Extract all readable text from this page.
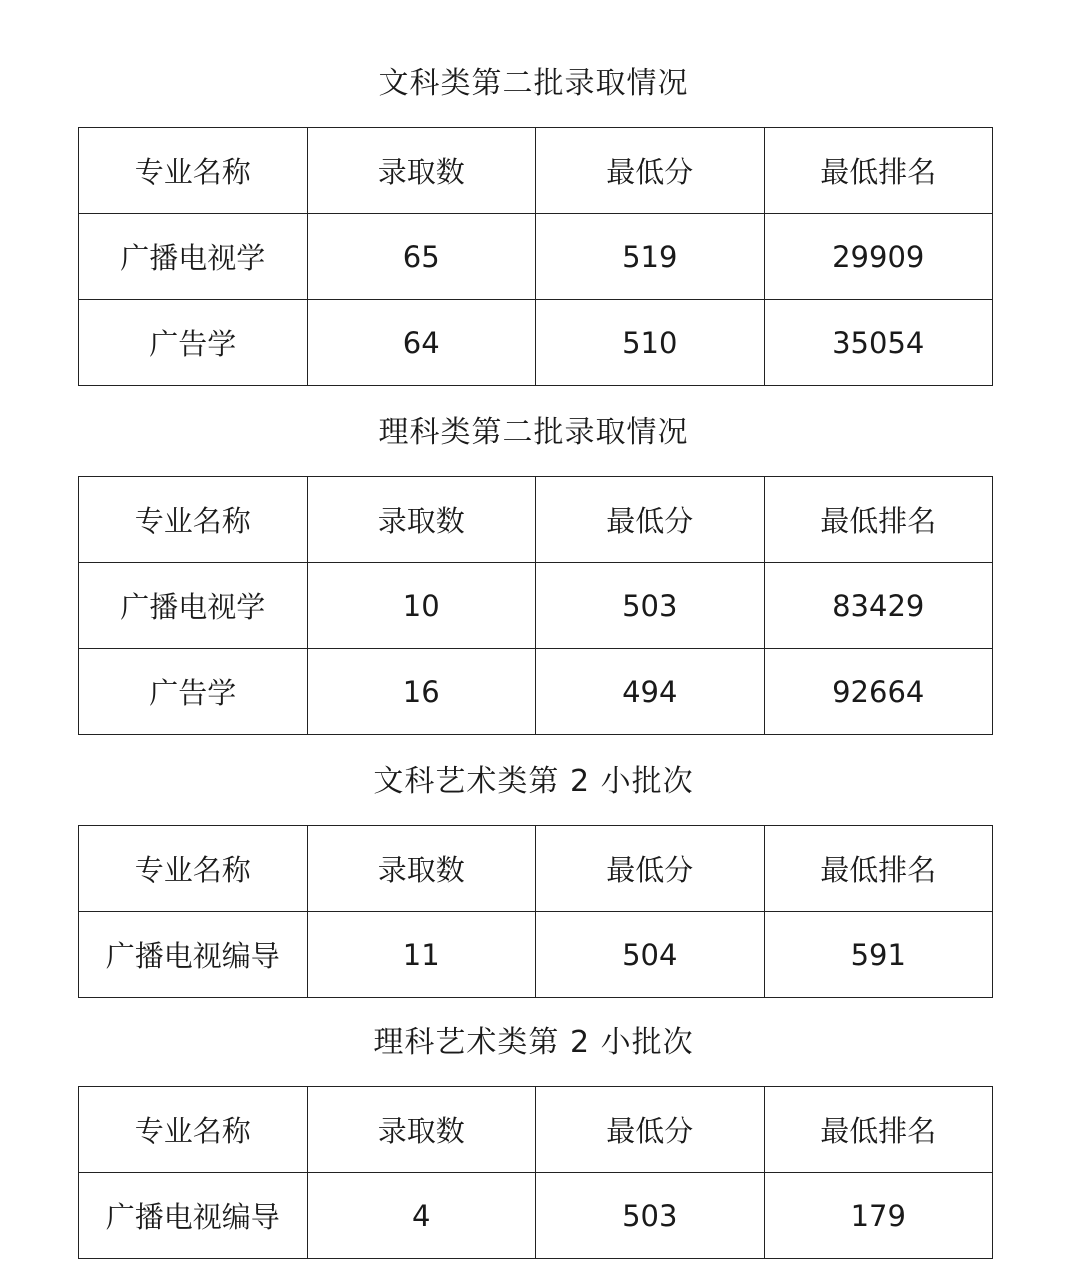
文科类第二批录取情况
专业名称	录取数	最低分	最低排名
广播电视学	65	519	29909
广告学	64	510	35054
理科类第二批录取情况
专业名称	录取数	最低分	最低排名
广播电视学	10	503	83429
广告学	16	494	92664
文科艺术类第 2 小批次
专业名称	录取数	最低分	最低排名
广播电视编导	11	504	591
理科艺术类第 2 小批次
专业名称	录取数	最低分	最低排名
广播电视编导	4	503	179
